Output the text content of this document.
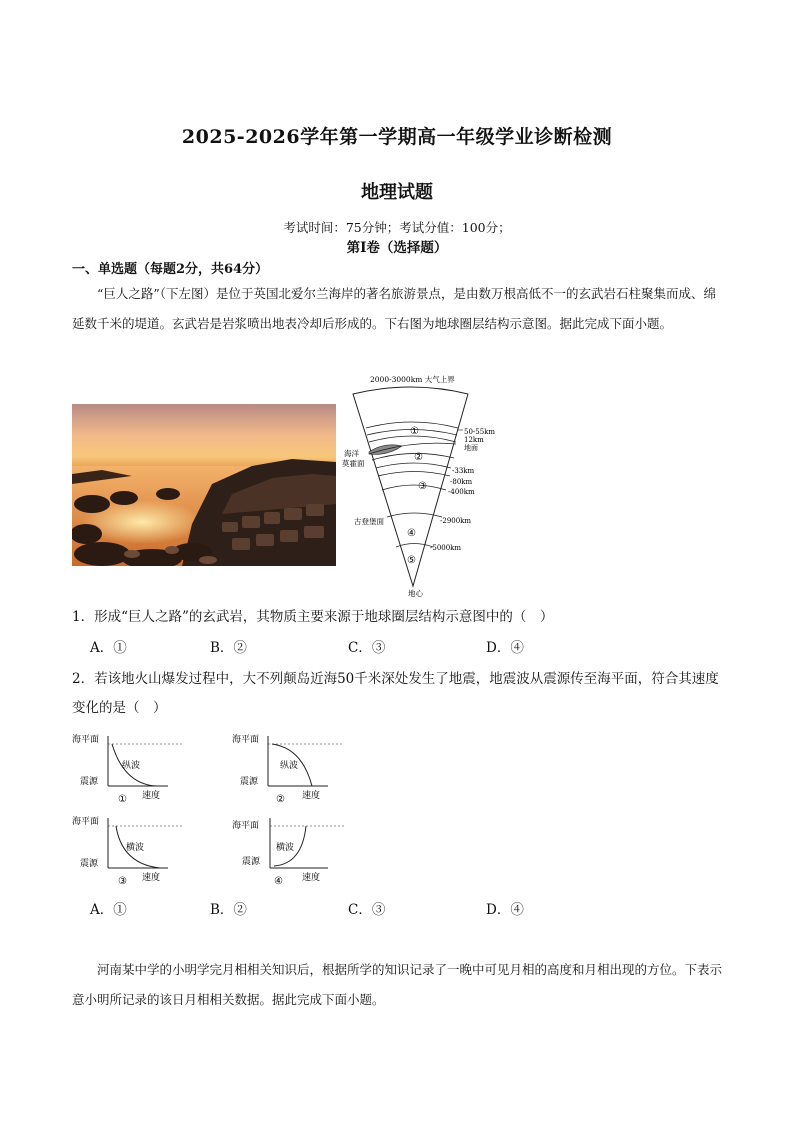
2025-2026学年第一学期高一年级学业诊断检测
地理试题
考试时间：75分钟；考试分值：100分；
第Ⅰ卷（选择题）
一、单选题（每题2分，共64分）
“巨人之路”（下左图）是位于英国北爱尔兰海岸的著名旅游景点，是由数万根高低不一的玄武岩石柱聚集而成、绵延数千米的堤道。玄武岩是岩浆喷出地表冷却后形成的。下右图为地球圈层结构示意图。据此完成下面小题。
2000-3000km 大气上界
①
②
③
④
⑤
50-55km
12km
地面
-33km
-80km
-400km
-2900km
-5000km
海洋
莫霍面
古登堡面
地心
1．形成“巨人之路”的玄武岩，其物质主要来源于地球圈层结构示意图中的（　）
A．①	B．②	C．③	D．④
2．若该地火山爆发过程中，大不列颠岛近海50千米深处发生了地震，地震波从震源传至海平面，符合其速度变化的是（　）
海平面
震源
纵波
① 速度
海平面
震源
纵波
② 速度
海平面
震源
横波
③ 速度
海平面
震源
横波
④ 速度
A．①	B．②	C．③	D．④
河南某中学的小明学完月相相关知识后，根据所学的知识记录了一晚中可见月相的高度和月相出现的方位。下表示意小明所记录的该日月相相关数据。据此完成下面小题。
